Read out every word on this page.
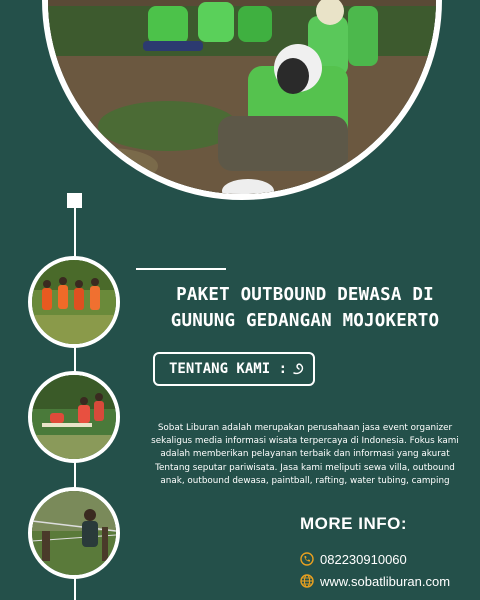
PAKET OUTBOUND DEWASA DI
GUNUNG GEDANGAN MOJOKERTO
TENTANG KAMI :

Sobat Liburan adalah merupakan perusahaan jasa event organizer sekaligus media informasi wisata terpercaya di Indonesia. Fokus kami adalah memberikan pelayanan terbaik dan informasi yang akurat Tentang seputar pariwisata. Jasa kami meliputi sewa villa, outbound anak, outbound dewasa, paintball, rafting, water tubing, camping

MORE INFO:
082230910060
www.sobatliburan.com
